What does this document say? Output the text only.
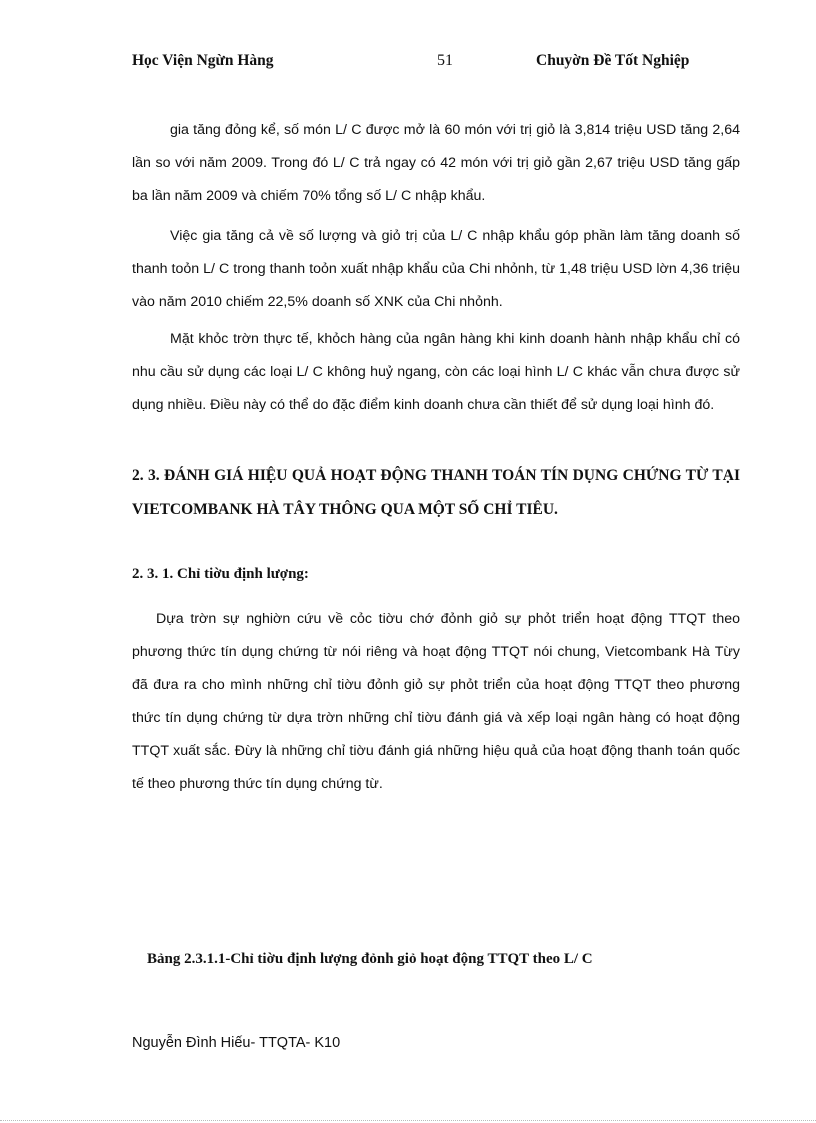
Học Viện Ngừn Hàng	51	Chuyờn Đề Tốt Nghiệp

gia tăng đỏng kể, số món L/ C được mở là 60 món với trị giỏ là 3,814 triệu USD tăng 2,64 lần so với năm 2009. Trong đó L/ C trả ngay có 42 món với trị giỏ gần 2,67 triệu USD tăng gấp ba lần năm 2009 và chiếm 70% tổng số L/ C nhập khẩu.

Việc gia tăng cả về số lượng và giỏ trị của L/ C nhập khẩu góp phần làm tăng doanh số thanh toỏn L/ C trong thanh toỏn xuất nhập khẩu của Chi nhỏnh, từ 1,48 triệu USD lờn 4,36 triệu vào năm 2010 chiếm 22,5% doanh số XNK của Chi nhỏnh.

Mặt khỏc trờn thực tế, khỏch hàng của ngân hàng khi kinh doanh hành nhập khẩu chỉ có nhu cầu sử dụng các loại L/ C không huỷ ngang, còn các loại hình L/ C khác vẫn chưa được sử dụng nhiều. Điều này có thể do đặc điểm kinh doanh chưa cần thiết để sử dụng loại hình đó.

2. 3. ĐÁNH GIÁ HIỆU QUẢ HOẠT ĐỘNG THANH TOÁN TÍN DỤNG CHỨNG TỪ TẠI VIETCOMBANK HÀ TÂY THÔNG QUA MỘT SỐ CHỈ TIÊU.
2. 3. 1. Chỉ tiờu định lượng:

Dựa trờn sự nghiờn cứu về cỏc tiờu chớ đỏnh giỏ sự phỏt triển hoạt động TTQT theo phương thức tín dụng chứng từ nói riêng và hoạt động TTQT nói chung, Vietcombank Hà Từy đã đưa ra cho mình những chỉ tiờu đỏnh giỏ sự phỏt triển của hoạt động TTQT theo phương thức tín dụng chứng từ dựa trờn những chỉ tiờu đánh giá và xếp loại ngân hàng có hoạt động TTQT xuất sắc. Đừy là những chỉ tiờu đánh giá những hiệu quả của hoạt động thanh toán quốc tế theo phương thức tín dụng chứng từ.

Bảng 2.3.1.1-Chỉ tiờu định lượng đỏnh giỏ hoạt động TTQT theo L/ C
Nguyễn Đình Hiếu- TTQTA- K10
